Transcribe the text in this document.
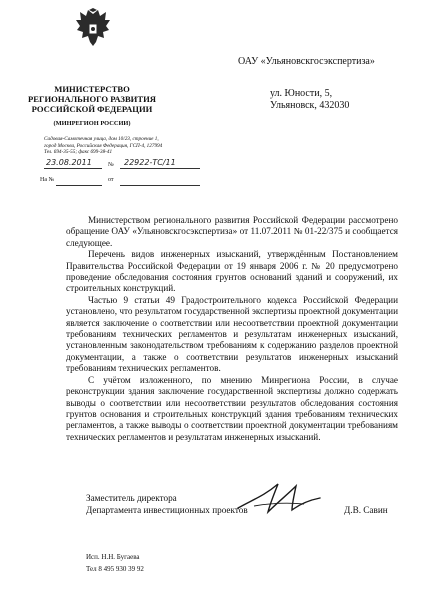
МИНИСТЕРСТВО
РЕГИОНАЛЬНОГО РАЗВИТИЯ
РОССИЙСКОЙ ФЕДЕРАЦИИ
(МИНРЕГИОН РОССИИ)
Садовая-Самотечная улица, дом 10/23, строение 1,
город Москва, Российская Федерация, ГСП-4, 127994
Тел. 694-35-55; факс 699-38-41
23.08.2011	№ 22922-ТС/11
На №	от
ОАУ «Ульяновскгосэкспертиза»
ул. Юности, 5,
Ульяновск, 432030

Министерством регионального развития Российской Федерации рассмотрено обращение ОАУ «Ульяновскгосэкспертиза» от 11.07.2011 № 01-22/375 и сообщается следующее.

Перечень видов инженерных изысканий, утверждённым Постановлением Правительства Российской Федерации от 19 января 2006 г. № 20 предусмотрено проведение обследования состояния грунтов оснований зданий и сооружений, их строительных конструкций.

Частью 9 статьи 49 Градостроительного кодекса Российской Федерации установлено, что результатом государственной экспертизы проектной документации является заключение о соответствии или несоответствии проектной документации требованиям технических регламентов и результатам инженерных изысканий, установленным законодательством требованиям к содержанию разделов проектной документации, а также о соответствии результатов инженерных изысканий требованиям технических регламентов.

С учётом изложенного, по мнению Минрегиона России, в случае реконструкции здания заключение государственной экспертизы должно содержать выводы о соответствии или несоответствии результатов обследования состояния грунтов основания и строительных конструкций здания требованиям технических регламентов, а также выводы о соответствии проектной документации требованиям технических регламентов и результатам инженерных изысканий.

Заместитель директора
Департамента инвестиционных проектов	Д.В. Савин
Исп. Н.Н. Бугаева
Тел 8 495 930 39 92
